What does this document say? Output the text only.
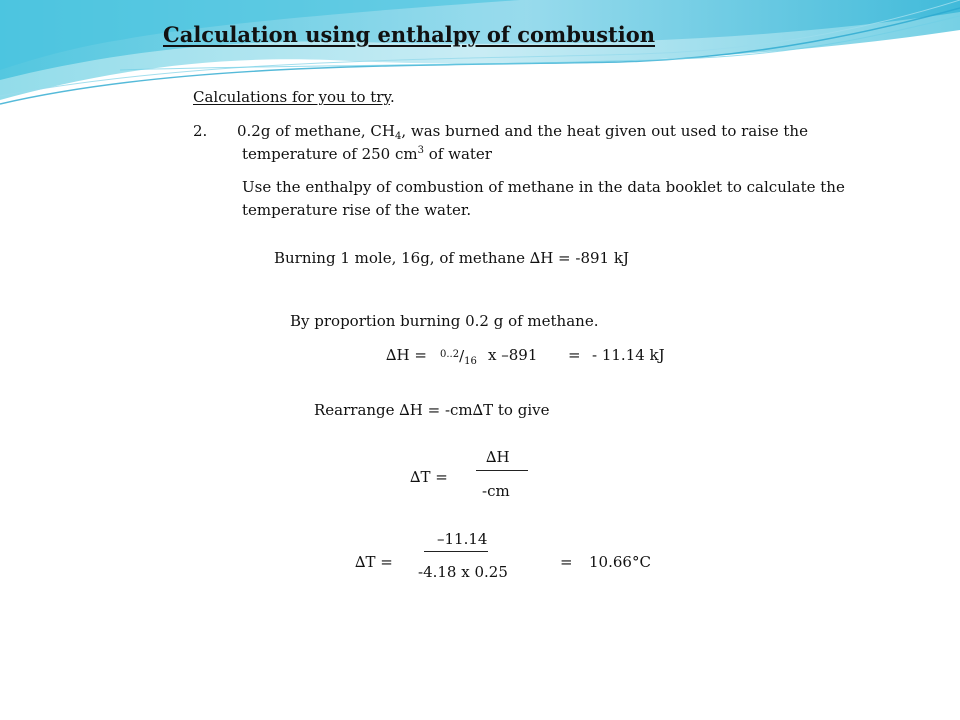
Calculation using enthalpy of combustion
Calculations for you to try.
2. 0.2g of methane, $CH_4$, was burned and the heat given out used to raise the
temperature of 250 $cm^3$ of water
Use the enthalpy of combustion of methane in the data booklet to calculate the
temperature rise of the water.
Burning 1 mole, 16g, of methane ∆H = -891 kJ
By proportion burning 0.2 g of methane.
$\Delta H = ^{0..2}/_{16}$ x –891 = - 11.14 kJ
Rearrange ∆H = -cm∆T to give
∆T =
∆H
-cm
∆T =
–11.14
-4.18 x 0.25
= 10.66°C
